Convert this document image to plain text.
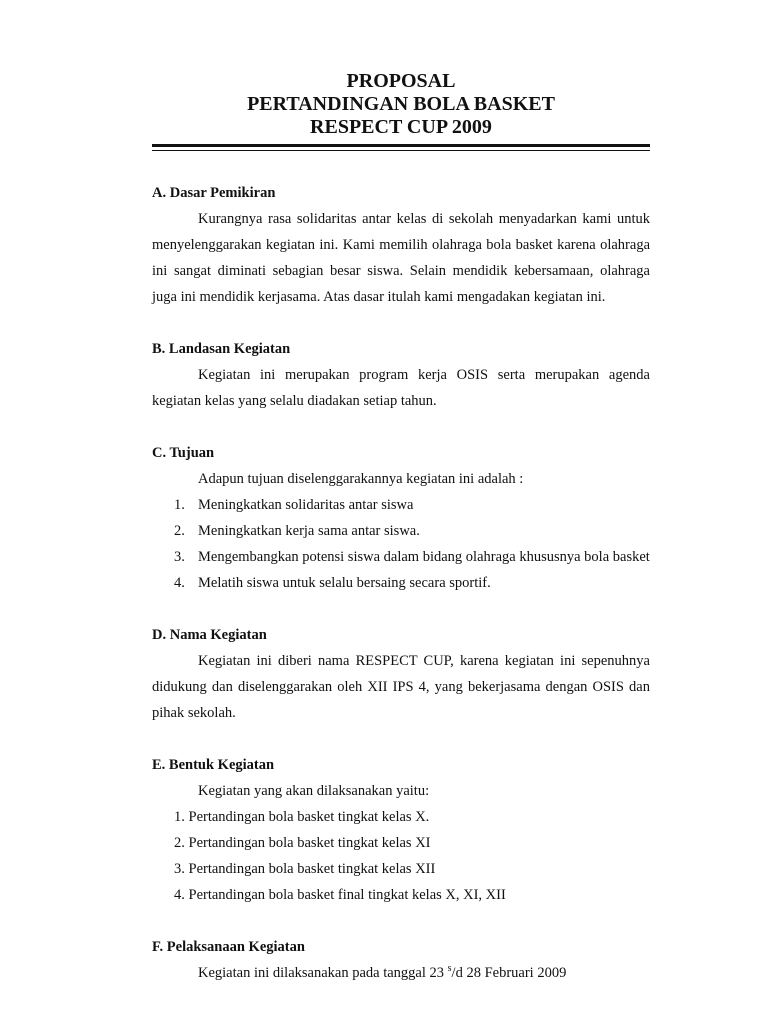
PROPOSAL
PERTANDINGAN BOLA BASKET
RESPECT CUP 2009

A. Dasar Pemikiran

Kurangnya rasa solidaritas antar kelas di sekolah menyadarkan kami untuk menyelenggarakan kegiatan ini. Kami memilih olahraga bola basket karena olahraga ini sangat diminati sebagian besar siswa. Selain mendidik kebersamaan, olahraga juga ini mendidik kerjasama. Atas dasar itulah kami mengadakan kegiatan ini.

B. Landasan Kegiatan

Kegiatan ini merupakan program kerja OSIS serta merupakan agenda kegiatan kelas yang selalu diadakan setiap tahun.

C. Tujuan

Adapun tujuan diselenggarakannya kegiatan ini adalah :

1. Meningkatkan solidaritas antar siswa
2. Meningkatkan kerja sama antar siswa.
3. Mengembangkan potensi siswa dalam bidang olahraga khususnya bola basket
4. Melatih siswa untuk selalu bersaing secara sportif.

D. Nama Kegiatan

Kegiatan ini diberi nama RESPECT CUP, karena kegiatan ini sepenuhnya didukung dan diselenggarakan oleh XII IPS 4, yang bekerjasama dengan OSIS dan pihak sekolah.

E. Bentuk Kegiatan

Kegiatan yang akan dilaksanakan yaitu:

1. Pertandingan bola basket tingkat kelas X.
2. Pertandingan bola basket tingkat kelas XI
3. Pertandingan bola basket tingkat kelas XII
4. Pertandingan bola basket final tingkat kelas X, XI, XII

F. Pelaksanaan Kegiatan

Kegiatan ini dilaksanakan pada tanggal 23 $^s$/d 28 Februari 2009
